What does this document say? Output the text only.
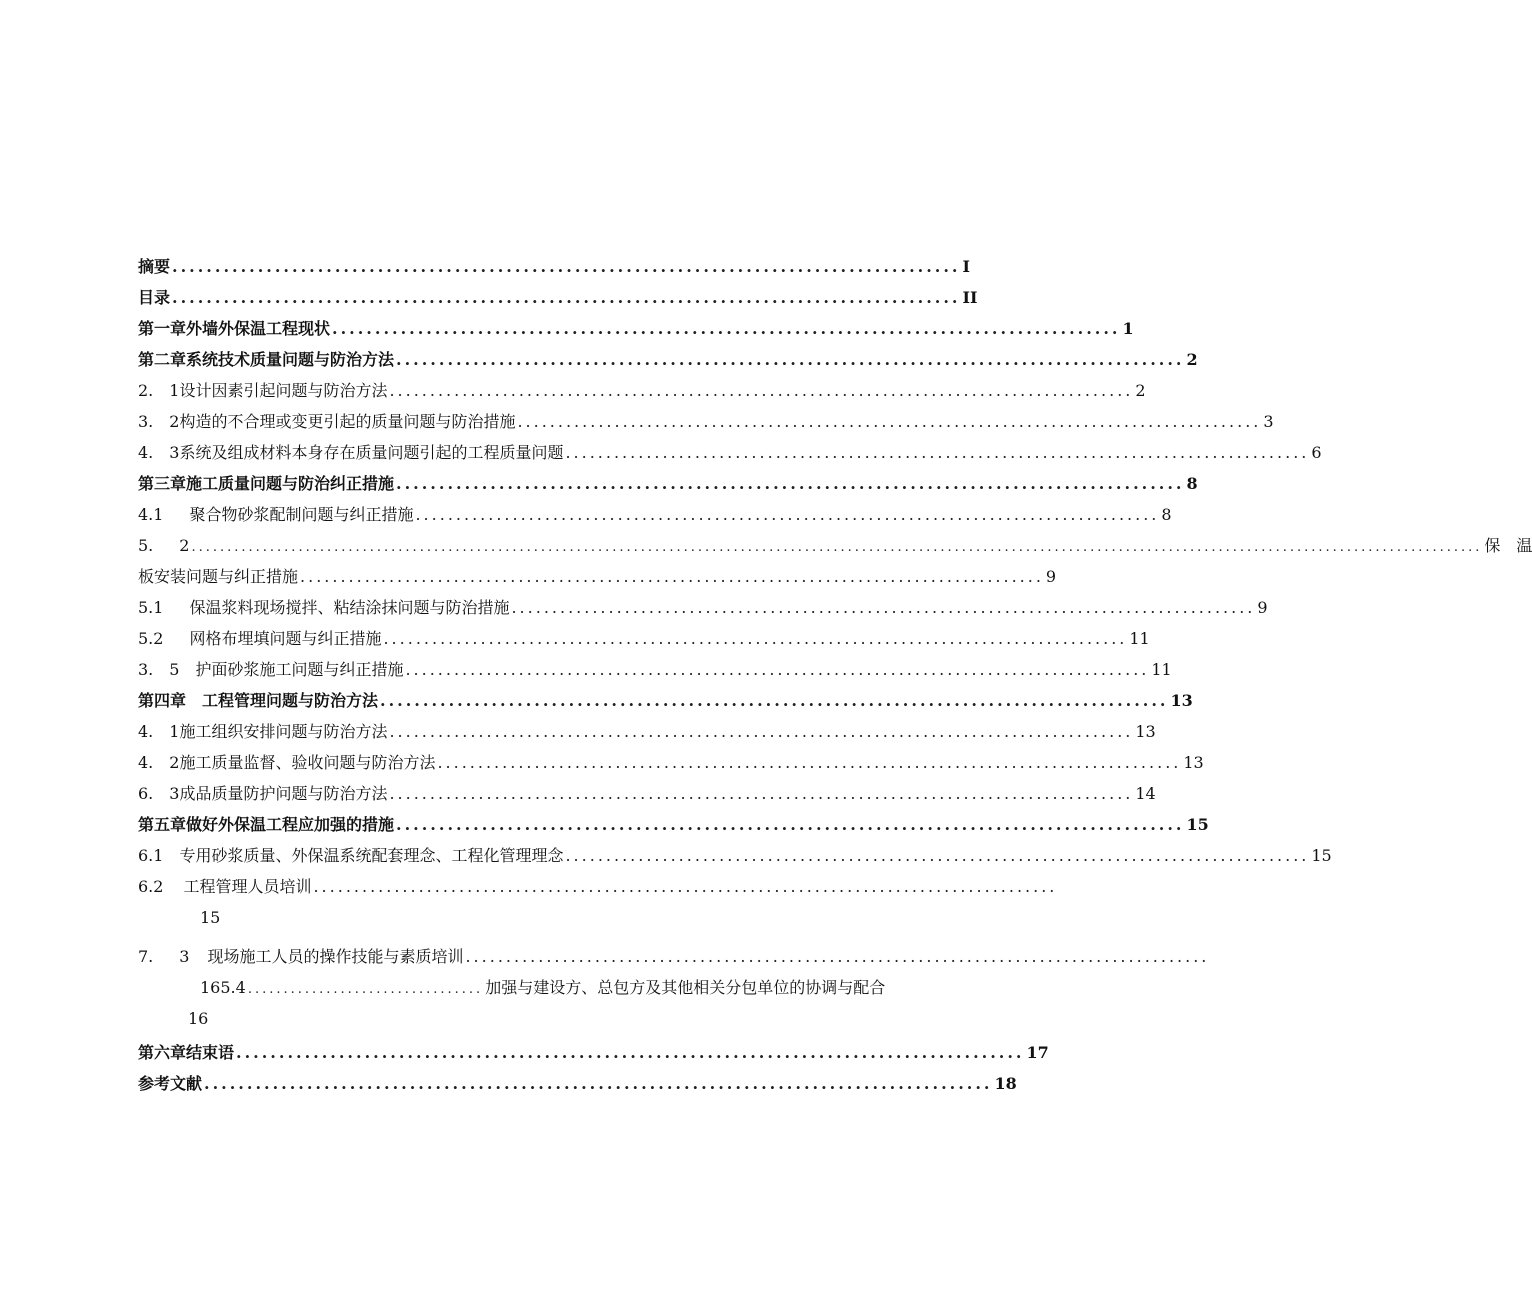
摘要 ............................................................................................ I
目录 ............................................................................................ II
第一章外墙外保温工程现状 ............................................................................................ 1
第二章系统技术质量问题与防治方法 ............................................................................................ 2
2.　1设计因素引起问题与防治方法 ............................................................................................ 2
3.　2构造的不合理或变更引起的质量问题与防治措施 ............................................................................................ 3
4.　3系统及组成材料本身存在质量问题引起的工程质量问题 ............................................................................................ 6
第三章施工质量问题与防治纠正措施 ............................................................................................ 8
4.1 聚合物砂浆配制问题与纠正措施 ............................................................................................ 8
5. 2 ..................................................................................................................................................................................... 保　温
板安装问题与纠正措施 ............................................................................................ 9
5.1 保温浆料现场搅拌、粘结涂抹问题与防治措施 ............................................................................................ 9
5.2 网格布埋填问题与纠正措施 ............................................................................................ 11
3.　5　护面砂浆施工问题与纠正措施 ............................................................................................ 11
第四章　工程管理问题与防治方法 ............................................................................................ 13
4.　1施工组织安排问题与防治方法 ............................................................................................ 13
4.　2施工质量监督、验收问题与防治方法 ............................................................................................ 13
6.　3成品质量防护问题与防治方法 ............................................................................................ 14
第五章做好外保温工程应加强的措施 ............................................................................................ 15
6.1 专用砂浆质量、外保温系统配套理念、工程化管理理念 ............................................................................................ 15
6.2 工程管理人员培训 ............................................................................................
15
7. 3 现场施工人员的操作技能与素质培训 ............................................................................................
165.4 ................................. 加强与建设方、总包方及其他相关分包单位的协调与配合
16
第六章结束语 ............................................................................................ 17
参考文献 ............................................................................................ 18
